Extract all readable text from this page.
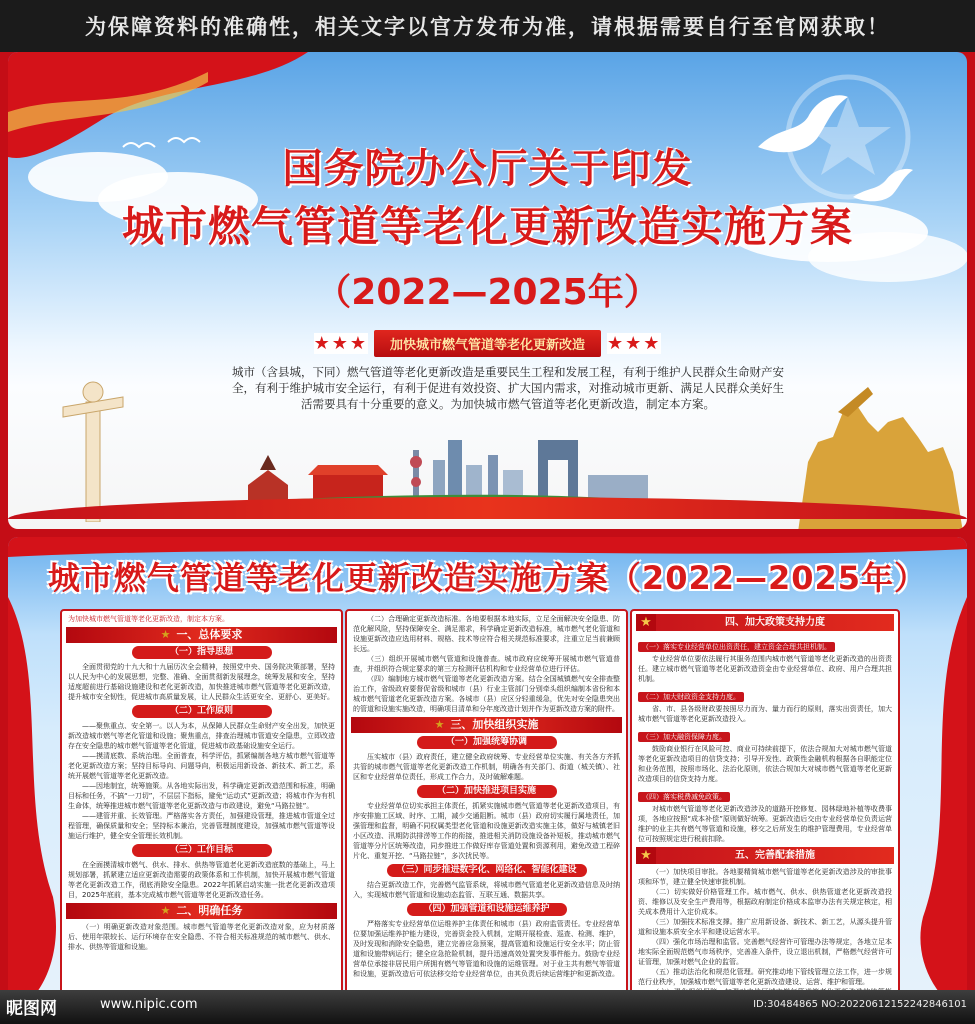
为保障资料的准确性，相关文字以官方发布为准，请根据需要自行至官网获取！
国务院办公厅关于印发
城市燃气管道等老化更新改造实施方案
（2022—2025年）
★★★	加快城市燃气管道等老化更新改造	★★★
城市（含县城，下同）燃气管道等老化更新改造是重要民生工程和发展工程，有利于维护人民群众生命财产安全，有利于维护城市安全运行，有利于促进有效投资、扩大国内需求，对推动城市更新、满足人民群众美好生活需要具有十分重要的意义。为加快城市燃气管道等老化更新改造，制定本方案。
城市燃气管道等老化更新改造实施方案（2022—2025年）
为加快城市燃气管道等老化更新改造，制定本方案。
★ 一、总体要求
（一）指导思想
全面贯彻党的十九大和十九届历次全会精神，按照党中央、国务院决策部署，坚持以人民为中心的发展思想，完整、准确、全面贯彻新发展理念，统筹发展和安全，坚持适度超前进行基础设施建设和老化更新改造，加快推进城市燃气管道等老化更新改造，提升城市安全韧性，促进城市高质量发展，让人民群众生活更安全、更舒心、更美好。
（二）工作原则
——聚焦重点、安全第一。以人为本，从保障人民群众生命财产安全出发，加快更新改造城市燃气等老化管道和设施；聚焦重点，排查治理城市管道安全隐患，立即改造存在安全隐患的城市燃气管道等老化管道，促进城市政基础设施安全运行。
——摸清底数、系统治理。全面普查，科学评估，抓紧编制各地方城市燃气管道等老化更新改造方案；坚持目标导向、问题导向，积极运用新设备、新技术、新工艺，系统开展燃气管道等老化更新改造。
——因地制宜，统筹施策。从各地实际出发，科学确定更新改造范围和标准，明确目标和任务，不搞“一刀切”，不层层下指标，避免“运动式”更新改造；将城市作为有机生命体，统筹推进城市燃气管道等老化更新改造与市政建设，避免“马路拉链”。
——建管并重、长效管理。严格落实各方责任，加强建设管理，推进城市管道全过程管理，确保质量和安全；坚持标本兼治，完善管理制度建设，加强城市燃气管道等设施运行维护，健全安全管理长效机制。
（三）工作目标
在全面摸清城市燃气、供水、排水、供热等管道老化更新改造底数的基础上，马上规划部署，抓紧建立适应更新改造需要的政策体系和工作机制，加快开展城市燃气管道等老化更新改造工作，彻底消除安全隐患。2022年抓紧启动实施一批老化更新改造项目，2025年底前，基本完成城市燃气管道等老化更新改造任务。
★ 二、明确任务
（一）明确更新改造对象范围。城市燃气管道等老化更新改造对象，应为材质落后、使用年限较长、运行环境存在安全隐患、不符合相关标准规范的城市燃气、供水、排水、供热等管道和设施。
（二）合理确定更新改造标准。各地要根据本地实际，立足全面解决安全隐患、防范化解风险，坚持保障安全、满足需求，科学确定更新改造标准，城市燃气老化管道和设施更新改造应选用材料、规格、技术等应符合相关规范标准要求，注重立足当前兼顾长远。
（三）组织开展城市燃气管道和设施普查。城市政府应统筹开展城市燃气管道普查，并组织符合规定要求的第三方检测评估机构和专业经营单位进行评估。
（四）编制地方城市燃气管道等老化更新改造方案。结合全国城镇燃气安全排查整治工作，省级政府要督促省级和城市（县）行业主管部门分别牵头组织编制本省份和本城市燃气管道老化更新改造方案。各城市（县）应区分轻重缓急，优先对安全隐患突出的管道和设施实施改造，明确项目清单和分年度改造计划并作为更新改造方案的附件。
★ 三、加快组织实施
（一）加强统筹协调
压实城市（县）政府责任，建立健全政府统筹、专业经营单位实施、有关各方齐抓共管的城市燃气管道等老化更新改造工作机制，明确各有关部门、街道（城关镇）、社区和专业经营单位责任，形成工作合力，及时破解难题。
（二）加快推进项目实施
专业经营单位切实承担主体责任，抓紧实施城市燃气管道等老化更新改造项目，有序安排施工区域、时序、工期，减少交通阻断。城市（县）政府切实履行属地责任，加强管理和监督，明确不同权属类型老化管道和设施更新改造实施主体，做好与城镇老旧小区改造、汛期防洪排涝等工作的衔接，推进相关消防设施设备补短板，推动城市燃气管道等分片区统筹改造，同步推进工作做好库存管道处置和资源利用，避免改造工程碎片化、重复开挖、“马路拉链”，多次扰民等。
（三）同步推进数字化、网络化、智能化建设
结合更新改造工作，完善燃气监管系统，将城市燃气管道老化更新改造信息及时纳入，实现城市燃气管道和设施动态监管、互联互通、数据共享。
（四）加强管道和设施运维养护
严格落实专业经营单位运维养护主体责任和城市（县）政府监管责任。专业经营单位要加强运维养护能力建设，完善资金投入机制，定期开展检查、巡查、检测、维护，及时发现和消除安全隐患，建立完善应急预案，提高管道和设施运行安全水平；防止管道和设施带病运行；健全应急抢险机制，提升迅速高效处置突发事件能力。鼓励专业经营单位承接非居民用户所拥有燃气等管道和设施的运维管理。对于业主共有燃气等管道和设施，更新改造后可依法移交给专业经营单位，由其负责后续运营维护和更新改造。
★	四、加大政策支持力度
（一）落实专业经营单位出资责任，建立资金合理共担机制。
专业经营单位要依法履行其服务范围内城市燃气管道等老化更新改造的出资责任。建立城市燃气管道等老化更新改造资金由专业经营单位、政府、用户合理共担机制。
（二）加大财政资金支持力度。
省、市、县各级财政要按照尽力而为、量力而行的原则，落实出资责任，加大城市燃气管道等老化更新改造投入。
（三）加大融资保障力度。
鼓励商业银行在风险可控、商业可持续前提下，依法合规加大对城市燃气管道等老化更新改造项目的信贷支持；引导开发性、政策性金融机构根据各自职能定位和业务范围，按照市场化、法治化原则，依法合规加大对城市燃气管道等老化更新改造项目的信贷支持力度。
（四）落实税费减免政策。
对城市燃气管道等老化更新改造涉及的道路开挖修复、园林绿地补植等收费事项，各地应按照“成本补偿”原则做好统筹。更新改造后交由专业经营单位负责运营维护的业主共有燃气等管道和设施，移交之后所发生的维护管理费用，专业经营单位可按照规定进行税前扣除。
★	五、完善配套措施
（一）加快项目审批。各地要精简城市燃气管道等老化更新改造涉及的审批事项和环节，建立健全快速审批机制。
（二）切实做好价格管理工作。城市燃气、供水、供热管道老化更新改造投资、维修以及安全生产费用等，根据政府制定价格成本监审办法有关规定核定，相关成本费用计入定价成本。
（三）加强技术标准支撑。推广应用新设备、新技术、新工艺，从源头提升管道和设施本质安全水平和建设运营水平。
（四）强化市场治理和监管。完善燃气经营许可管理办法等规定，各地立足本地实际全面规范燃气市场秩序，完善准入条件，设立退出机制，严格燃气经营许可证管理，加强对燃气企业的监管。
（五）推动法治化和规范化管理。研究推动地下管线管理立法工作，进一步规范行业秩序，加强城市燃气管道等老化更新改造建设、运营、维护和管理。
昵图网	www.nipic.com	ID:30484865 NO:20220612152242846101
